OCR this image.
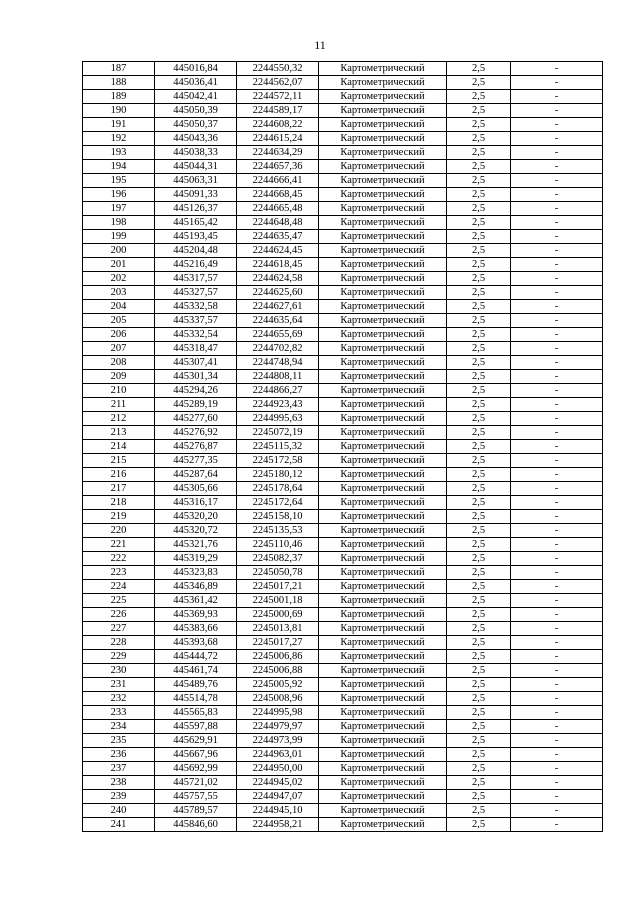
11
187	445016,84	2244550,32	Картометрический	2,5	-
188	445036,41	2244562,07	Картометрический	2,5	-
189	445042,41	2244572,11	Картометрический	2,5	-
190	445050,39	2244589,17	Картометрический	2,5	-
191	445050,37	2244608,22	Картометрический	2,5	-
192	445043,36	2244615,24	Картометрический	2,5	-
193	445038,33	2244634,29	Картометрический	2,5	-
194	445044,31	2244657,36	Картометрический	2,5	-
195	445063,31	2244666,41	Картометрический	2,5	-
196	445091,33	2244668,45	Картометрический	2,5	-
197	445126,37	2244665,48	Картометрический	2,5	-
198	445165,42	2244648,48	Картометрический	2,5	-
199	445193,45	2244635,47	Картометрический	2,5	-
200	445204,48	2244624,45	Картометрический	2,5	-
201	445216,49	2244618,45	Картометрический	2,5	-
202	445317,57	2244624,58	Картометрический	2,5	-
203	445327,57	2244625,60	Картометрический	2,5	-
204	445332,58	2244627,61	Картометрический	2,5	-
205	445337,57	2244635,64	Картометрический	2,5	-
206	445332,54	2244655,69	Картометрический	2,5	-
207	445318,47	2244702,82	Картометрический	2,5	-
208	445307,41	2244748,94	Картометрический	2,5	-
209	445301,34	2244808,11	Картометрический	2,5	-
210	445294,26	2244866,27	Картометрический	2,5	-
211	445289,19	2244923,43	Картометрический	2,5	-
212	445277,60	2244995,63	Картометрический	2,5	-
213	445276,92	2245072,19	Картометрический	2,5	-
214	445276,87	2245115,32	Картометрический	2,5	-
215	445277,35	2245172,58	Картометрический	2,5	-
216	445287,64	2245180,12	Картометрический	2,5	-
217	445305,66	2245178,64	Картометрический	2,5	-
218	445316,17	2245172,64	Картометрический	2,5	-
219	445320,20	2245158,10	Картометрический	2,5	-
220	445320,72	2245135,53	Картометрический	2,5	-
221	445321,76	2245110,46	Картометрический	2,5	-
222	445319,29	2245082,37	Картометрический	2,5	-
223	445323,83	2245050,78	Картометрический	2,5	-
224	445346,89	2245017,21	Картометрический	2,5	-
225	445361,42	2245001,18	Картометрический	2,5	-
226	445369,93	2245000,69	Картометрический	2,5	-
227	445383,66	2245013,81	Картометрический	2,5	-
228	445393,68	2245017,27	Картометрический	2,5	-
229	445444,72	2245006,86	Картометрический	2,5	-
230	445461,74	2245006,88	Картометрический	2,5	-
231	445489,76	2245005,92	Картометрический	2,5	-
232	445514,78	2245008,96	Картометрический	2,5	-
233	445565,83	2244995,98	Картометрический	2,5	-
234	445597,88	2244979,97	Картометрический	2,5	-
235	445629,91	2244973,99	Картометрический	2,5	-
236	445667,96	2244963,01	Картометрический	2,5	-
237	445692,99	2244950,00	Картометрический	2,5	-
238	445721,02	2244945,02	Картометрический	2,5	-
239	445757,55	2244947,07	Картометрический	2,5	-
240	445789,57	2244945,10	Картометрический	2,5	-
241	445846,60	2244958,21	Картометрический	2,5	-
